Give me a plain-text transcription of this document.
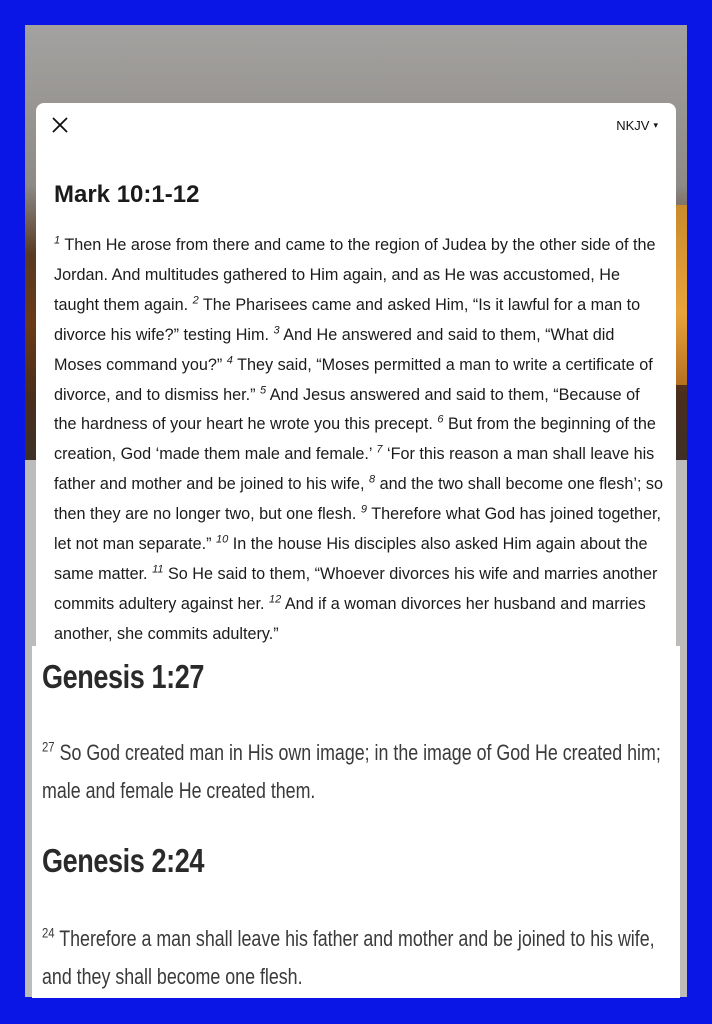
NKJV ▾
Mark 10:1-12

$^1$ Then He arose from there and came to the region of Judea by the other side of the Jordan. And multitudes gathered to Him again, and as He was accustomed, He taught them again. $^2$ The Pharisees came and asked Him, “Is it lawful for a man to divorce his wife?” testing Him. $^3$ And He answered and said to them, “What did Moses command you?” $^4$ They said, “Moses permitted a man to write a certificate of divorce, and to dismiss her.” $^5$ And Jesus answered and said to them, “Because of the hardness of your heart he wrote you this precept. $^6$ But from the beginning of the creation, God ‘made them male and female.’ $^7$ ‘For this reason a man shall leave his father and mother and be joined to his wife, $^8$ and the two shall become one flesh’; so then they are no longer two, but one flesh. $^9$ Therefore what God has joined together, let not man separate.” $^{10}$ In the house His disciples also asked Him again about the same matter. $^{11}$ So He said to them, “Whoever divorces his wife and marries another commits adultery against her. $^{12}$ And if a woman divorces her husband and marries another, she commits adultery.”

Genesis 1:27

$^{27}$ So God created man in His own image; in the image of God He created him; male and female He created them.

Genesis 2:24

$^{24}$ Therefore a man shall leave his father and mother and be joined to his wife, and they shall become one flesh.
